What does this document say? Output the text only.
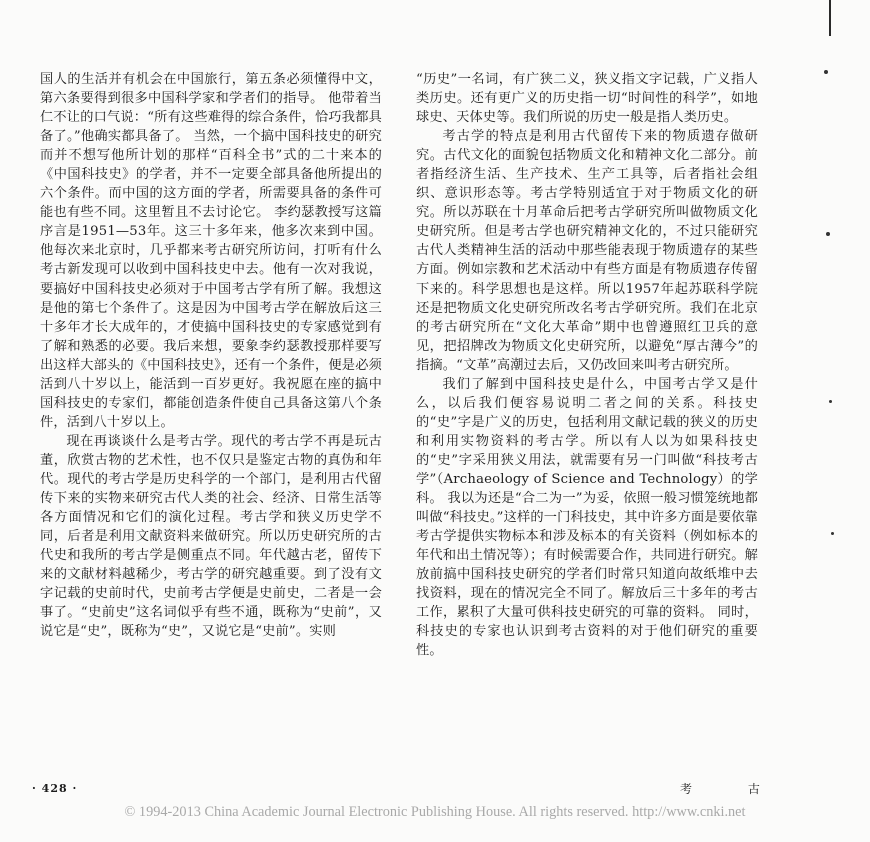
国人的生活并有机会在中国旅行，第五条必须懂得中文，第六条要得到很多中国科学家和学者们的指导。 他带着当仁不让的口气说：“所有这些难得的综合条件，恰巧我都具备了。”他确实都具备了。 当然，一个搞中国科技史的研究而并不想写他所计划的那样“百科全书”式的二十来本的《中国科技史》的学者，并不一定要全部具备他所提出的六个条件。而中国的这方面的学者，所需要具备的条件可能也有些不同。这里暂且不去讨论它。 李约瑟教授写这篇序言是1951—53年。这三十多年来，他多次来到中国。他每次来北京时，几乎都来考古研究所访问，打听有什么考古新发现可以收到中国科技史中去。他有一次对我说，要搞好中国科技史必须对于中国考古学有所了解。我想这是他的第七个条件了。这是因为中国考古学在解放后这三十多年才长大成年的，才使搞中国科技史的专家感觉到有了解和熟悉的必要。我后来想，要象李约瑟教授那样要写出这样大部头的《中国科技史》，还有一个条件，便是必须活到八十岁以上，能活到一百岁更好。我祝愿在座的搞中国科技史的专家们，都能创造条件使自己具备这第八个条件，活到八十岁以上。

现在再谈谈什么是考古学。现代的考古学不再是玩古董，欣赏古物的艺术性，也不仅只是鉴定古物的真伪和年代。现代的考古学是历史科学的一个部门，是利用古代留传下来的实物来研究古代人类的社会、经济、日常生活等各方面情况和它们的演化过程。考古学和狭义历史学不同，后者是利用文献资料来做研究。所以历史研究所的古代史和我所的考古学是侧重点不同。年代越古老，留传下来的文献材料越稀少，考古学的研究越重要。到了没有文字记载的史前时代，史前考古学便是史前史，二者是一会事了。“史前史”这名词似乎有些不通，既称为“史前”，又说它是“史”，既称为“史”，又说它是“史前”。实则

“历史”一名词，有广狭二义，狭义指文字记载，广义指人类历史。还有更广义的历史指一切“时间性的科学”，如地球史、天体史等。我们所说的历史一般是指人类历史。

考古学的特点是利用古代留传下来的物质遗存做研究。古代文化的面貌包括物质文化和精神文化二部分。前者指经济生活、生产技术、生产工具等，后者指社会组织、意识形态等。考古学特别适宜于对于物质文化的研究。所以苏联在十月革命后把考古学研究所叫做物质文化史研究所。但是考古学也研究精神文化的，不过只能研究古代人类精神生活的活动中那些能表现于物质遗存的某些方面。例如宗教和艺术活动中有些方面是有物质遗存传留下来的。科学思想也是这样。所以1957年起苏联科学院还是把物质文化史研究所改名考古学研究所。我们在北京的考古研究所在“文化大革命”期中也曾遵照红卫兵的意见，把招牌改为物质文化史研究所，以避免“厚古薄今”的指摘。“文革”高潮过去后，又仍改回来叫考古研究所。

我们了解到中国科技史是什么，中国考古学又是什么，以后我们便容易说明二者之间的关系。科技史的“史”字是广义的历史，包括利用文献记载的狭义的历史和利用实物资料的考古学。所以有人以为如果科技史的“史”字采用狭义用法，就需要有另一门叫做“科技考古学”（Archaeology of Science and Technology）的学科。 我以为还是“合二为一”为妥，依照一般习惯笼统地都叫做“科技史。”这样的一门科技史，其中许多方面是要依靠考古学提供实物标本和涉及标本的有关资料（例如标本的年代和出土情况等）；有时候需要合作，共同进行研究。解放前搞中国科技史研究的学者们时常只知道向故纸堆中去找资料，现在的情况完全不同了。解放后三十多年的考古工作，累积了大量可供科技史研究的可靠的资料。 同时，科技史的专家也认识到考古资料的对于他们研究的重要性。

· 428 ·	考 古
© 1994-2013 China Academic Journal Electronic Publishing House. All rights reserved. http://www.cnki.net
